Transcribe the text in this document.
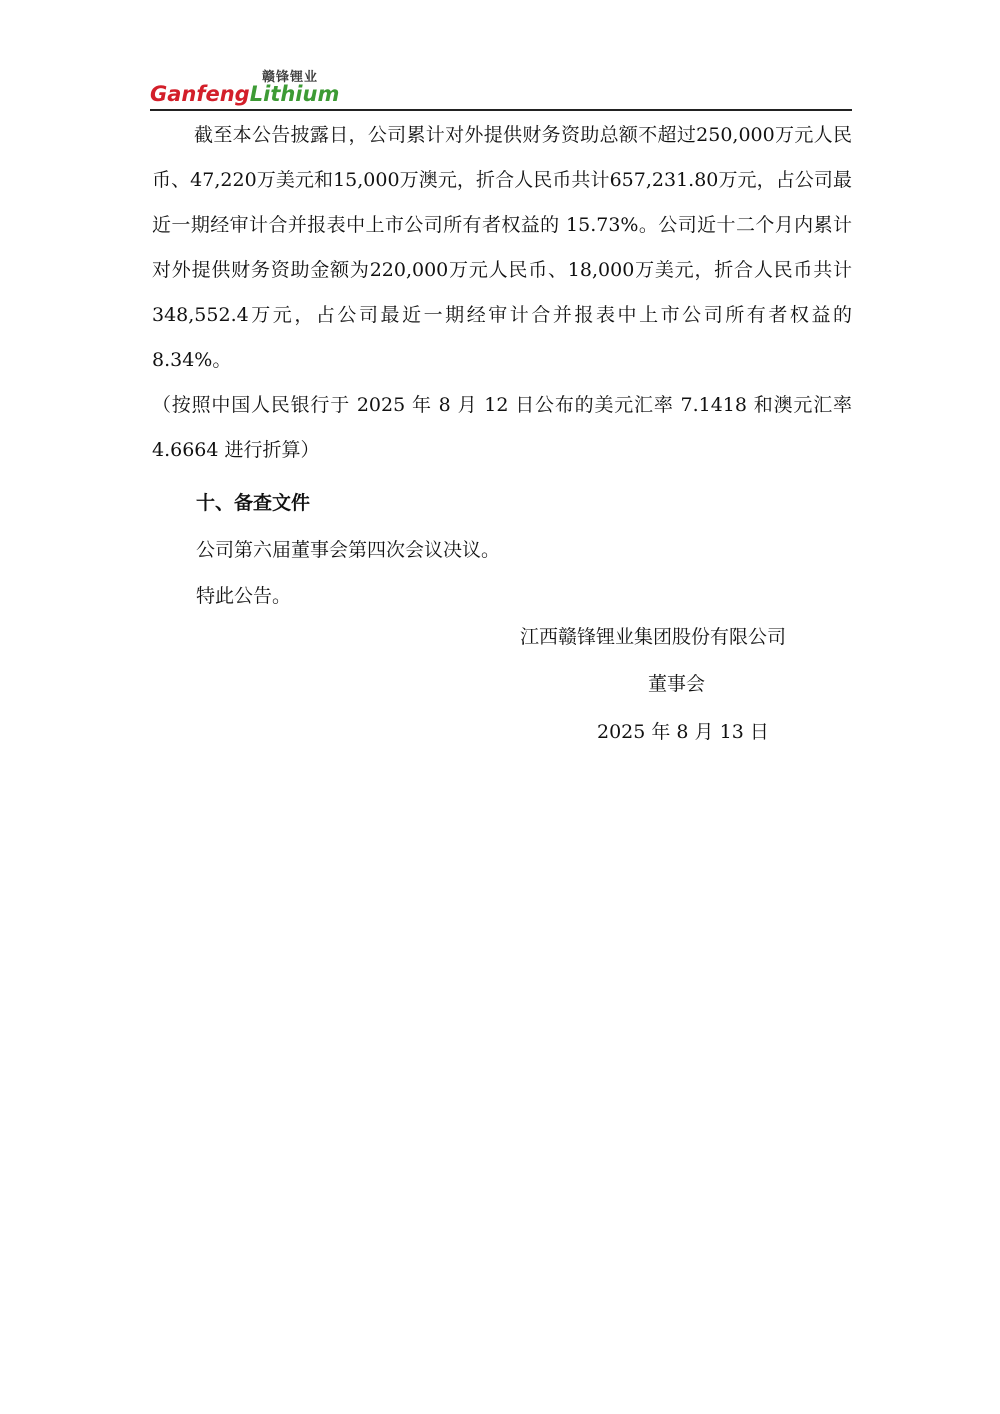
赣锋锂业
GanfengLithium

截至本公告披露日，公司累计对外提供财务资助总额不超过250,000万元人民币、47,220万美元和15,000万澳元，折合人民币共计657,231.80万元，占公司最近一期经审计合并报表中上市公司所有者权益的 15.73%。公司近十二个月内累计对外提供财务资助金额为220,000万元人民币、18,000万美元，折合人民币共计348,552.4万元，占公司最近一期经审计合并报表中上市公司所有者权益的 8.34%。

（按照中国人民银行于 2025 年 8 月 12 日公布的美元汇率 7.1418 和澳元汇率 4.6664 进行折算）

十、备查文件
公司第六届董事会第四次会议决议。
特此公告。
江西赣锋锂业集团股份有限公司
董事会
2025 年 8 月 13 日
